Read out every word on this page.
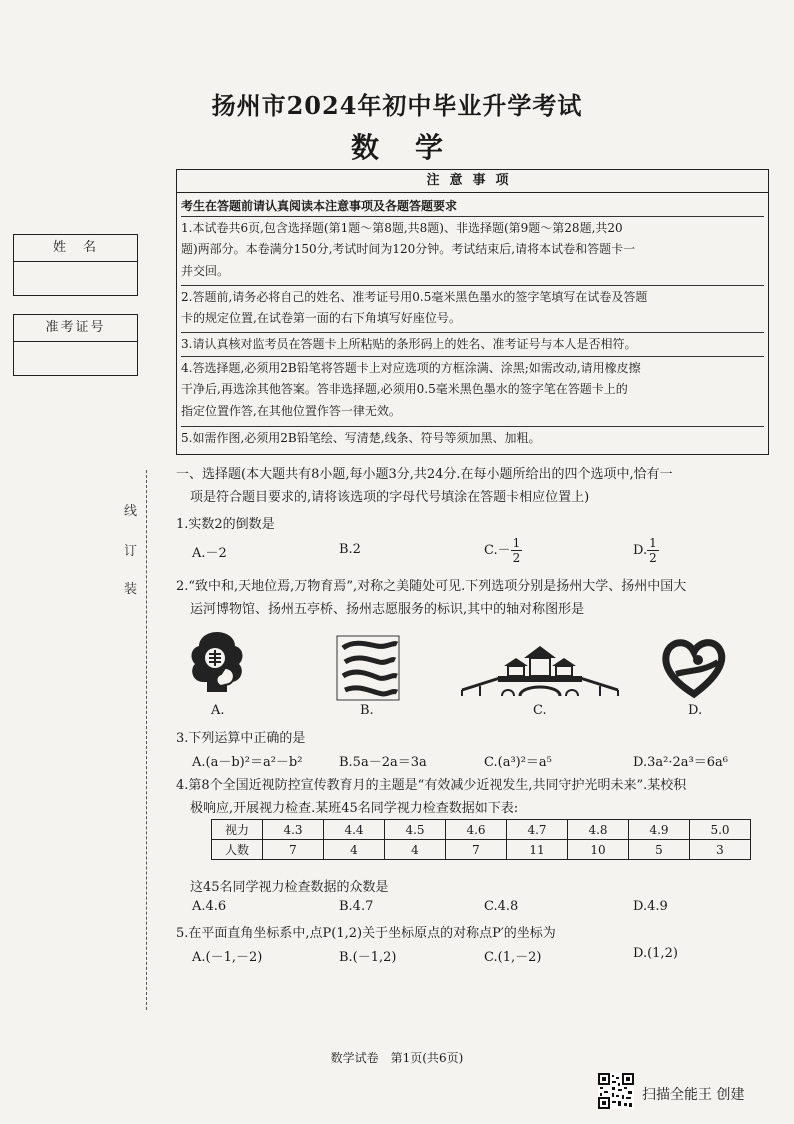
扬州市2024年初中毕业升学考试
数学
姓　名
准考证号
装
订
线
注意事项
考生在答题前请认真阅读本注意事项及各题答题要求
1.本试卷共6页,包含选择题(第1题～第8题,共8题)、非选择题(第9题～第28题,共20
题)两部分。本卷满分150分,考试时间为120分钟。考试结束后,请将本试卷和答题卡一
并交回。
2.答题前,请务必将自己的姓名、准考证号用0.5毫米黑色墨水的签字笔填写在试卷及答题
卡的规定位置,在试卷第一面的右下角填写好座位号。
3.请认真核对监考员在答题卡上所粘贴的条形码上的姓名、准考证号与本人是否相符。
4.答选择题,必须用2B铅笔将答题卡上对应选项的方框涂满、涂黑;如需改动,请用橡皮擦
干净后,再选涂其他答案。答非选择题,必须用0.5毫米黑色墨水的签字笔在答题卡上的
指定位置作答,在其他位置作答一律无效。
5.如需作图,必须用2B铅笔绘、写清楚,线条、符号等须加黑、加粗。
一、选择题(本大题共有8小题,每小题3分,共24分.在每小题所给出的四个选项中,恰有一
项是符合题目要求的,请将该选项的字母代号填涂在答题卡相应位置上)
1.实数2的倒数是
A.－2	B.2	$C.- \frac{1}{2}$	D. $\frac{1}{2}$
2.“致中和,天地位焉,万物育焉”,对称之美随处可见.下列选项分别是扬州大学、扬州中国大
运河博物馆、扬州五亭桥、扬州志愿服务的标识,其中的轴对称图形是
A.	B.	C.	D.
3.下列运算中正确的是
A.(a－b)²＝a²－b²	B.5a－2a＝3a	C.(a³)²＝a⁵	D.3a²·2a³＝6a⁶
4.第8个全国近视防控宣传教育月的主题是“有效减少近视发生,共同守护光明未来”.某校积
极响应,开展视力检查.某班45名同学视力检查数据如下表:
视力	4.3	4.4	4.5	4.6	4.7	4.8	4.9	5.0
人数	7	4	4	7	11	10	5	3
这45名同学视力检查数据的众数是
A.4.6	B.4.7	C.4.8	D.4.9
5.在平面直角坐标系中,点P(1,2)关于坐标原点的对称点P′的坐标为
A.(－1,－2)	B.(－1,2)	C.(1,－2)	D.(1,2)
数学试卷　第1页(共6页)
扫描全能王 创建
